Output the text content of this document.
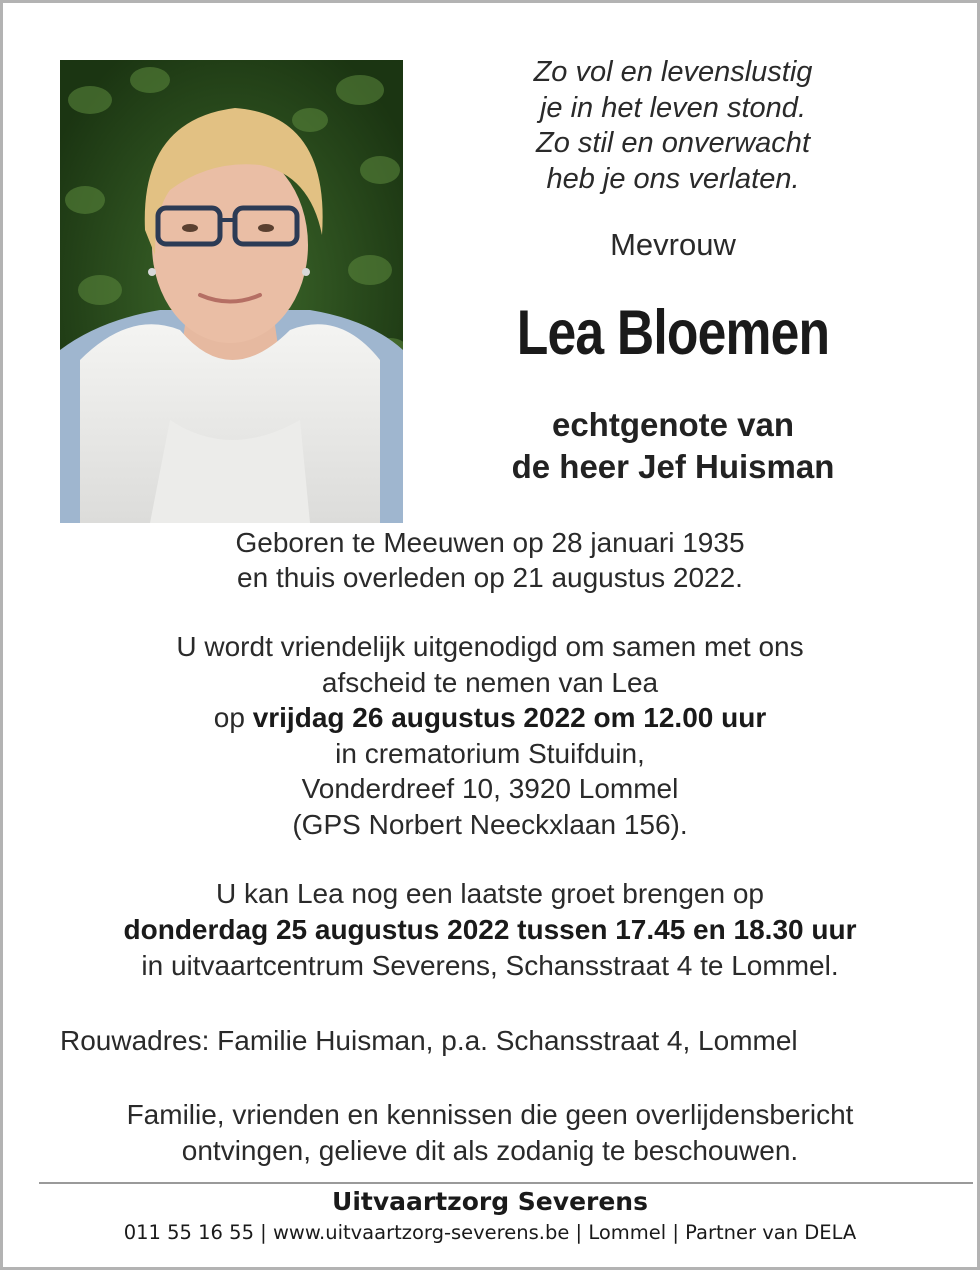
Zo vol en levenslustig
je in het leven stond.
Zo stil en onverwacht
heb je ons verlaten.
Mevrouw
Lea Bloemen
echtgenote van
de heer Jef Huisman
Geboren te Meeuwen op 28 januari 1935
en thuis overleden op 21 augustus 2022.
U wordt vriendelijk uitgenodigd om samen met ons
afscheid te nemen van Lea
op vrijdag 26 augustus 2022 om 12.00 uur
in crematorium Stuifduin,
Vonderdreef 10, 3920 Lommel
(GPS Norbert Neeckxlaan 156).
U kan Lea nog een laatste groet brengen op
donderdag 25 augustus 2022 tussen 17.45 en 18.30 uur
in uitvaartcentrum Severens, Schansstraat 4 te Lommel.
Rouwadres: Familie Huisman, p.a. Schansstraat 4, Lommel
Familie, vrienden en kennissen die geen overlijdensbericht
ontvingen, gelieve dit als zodanig te beschouwen.
Uitvaartzorg Severens
011 55 16 55 | www.uitvaartzorg-severens.be | Lommel | Partner van DELA
